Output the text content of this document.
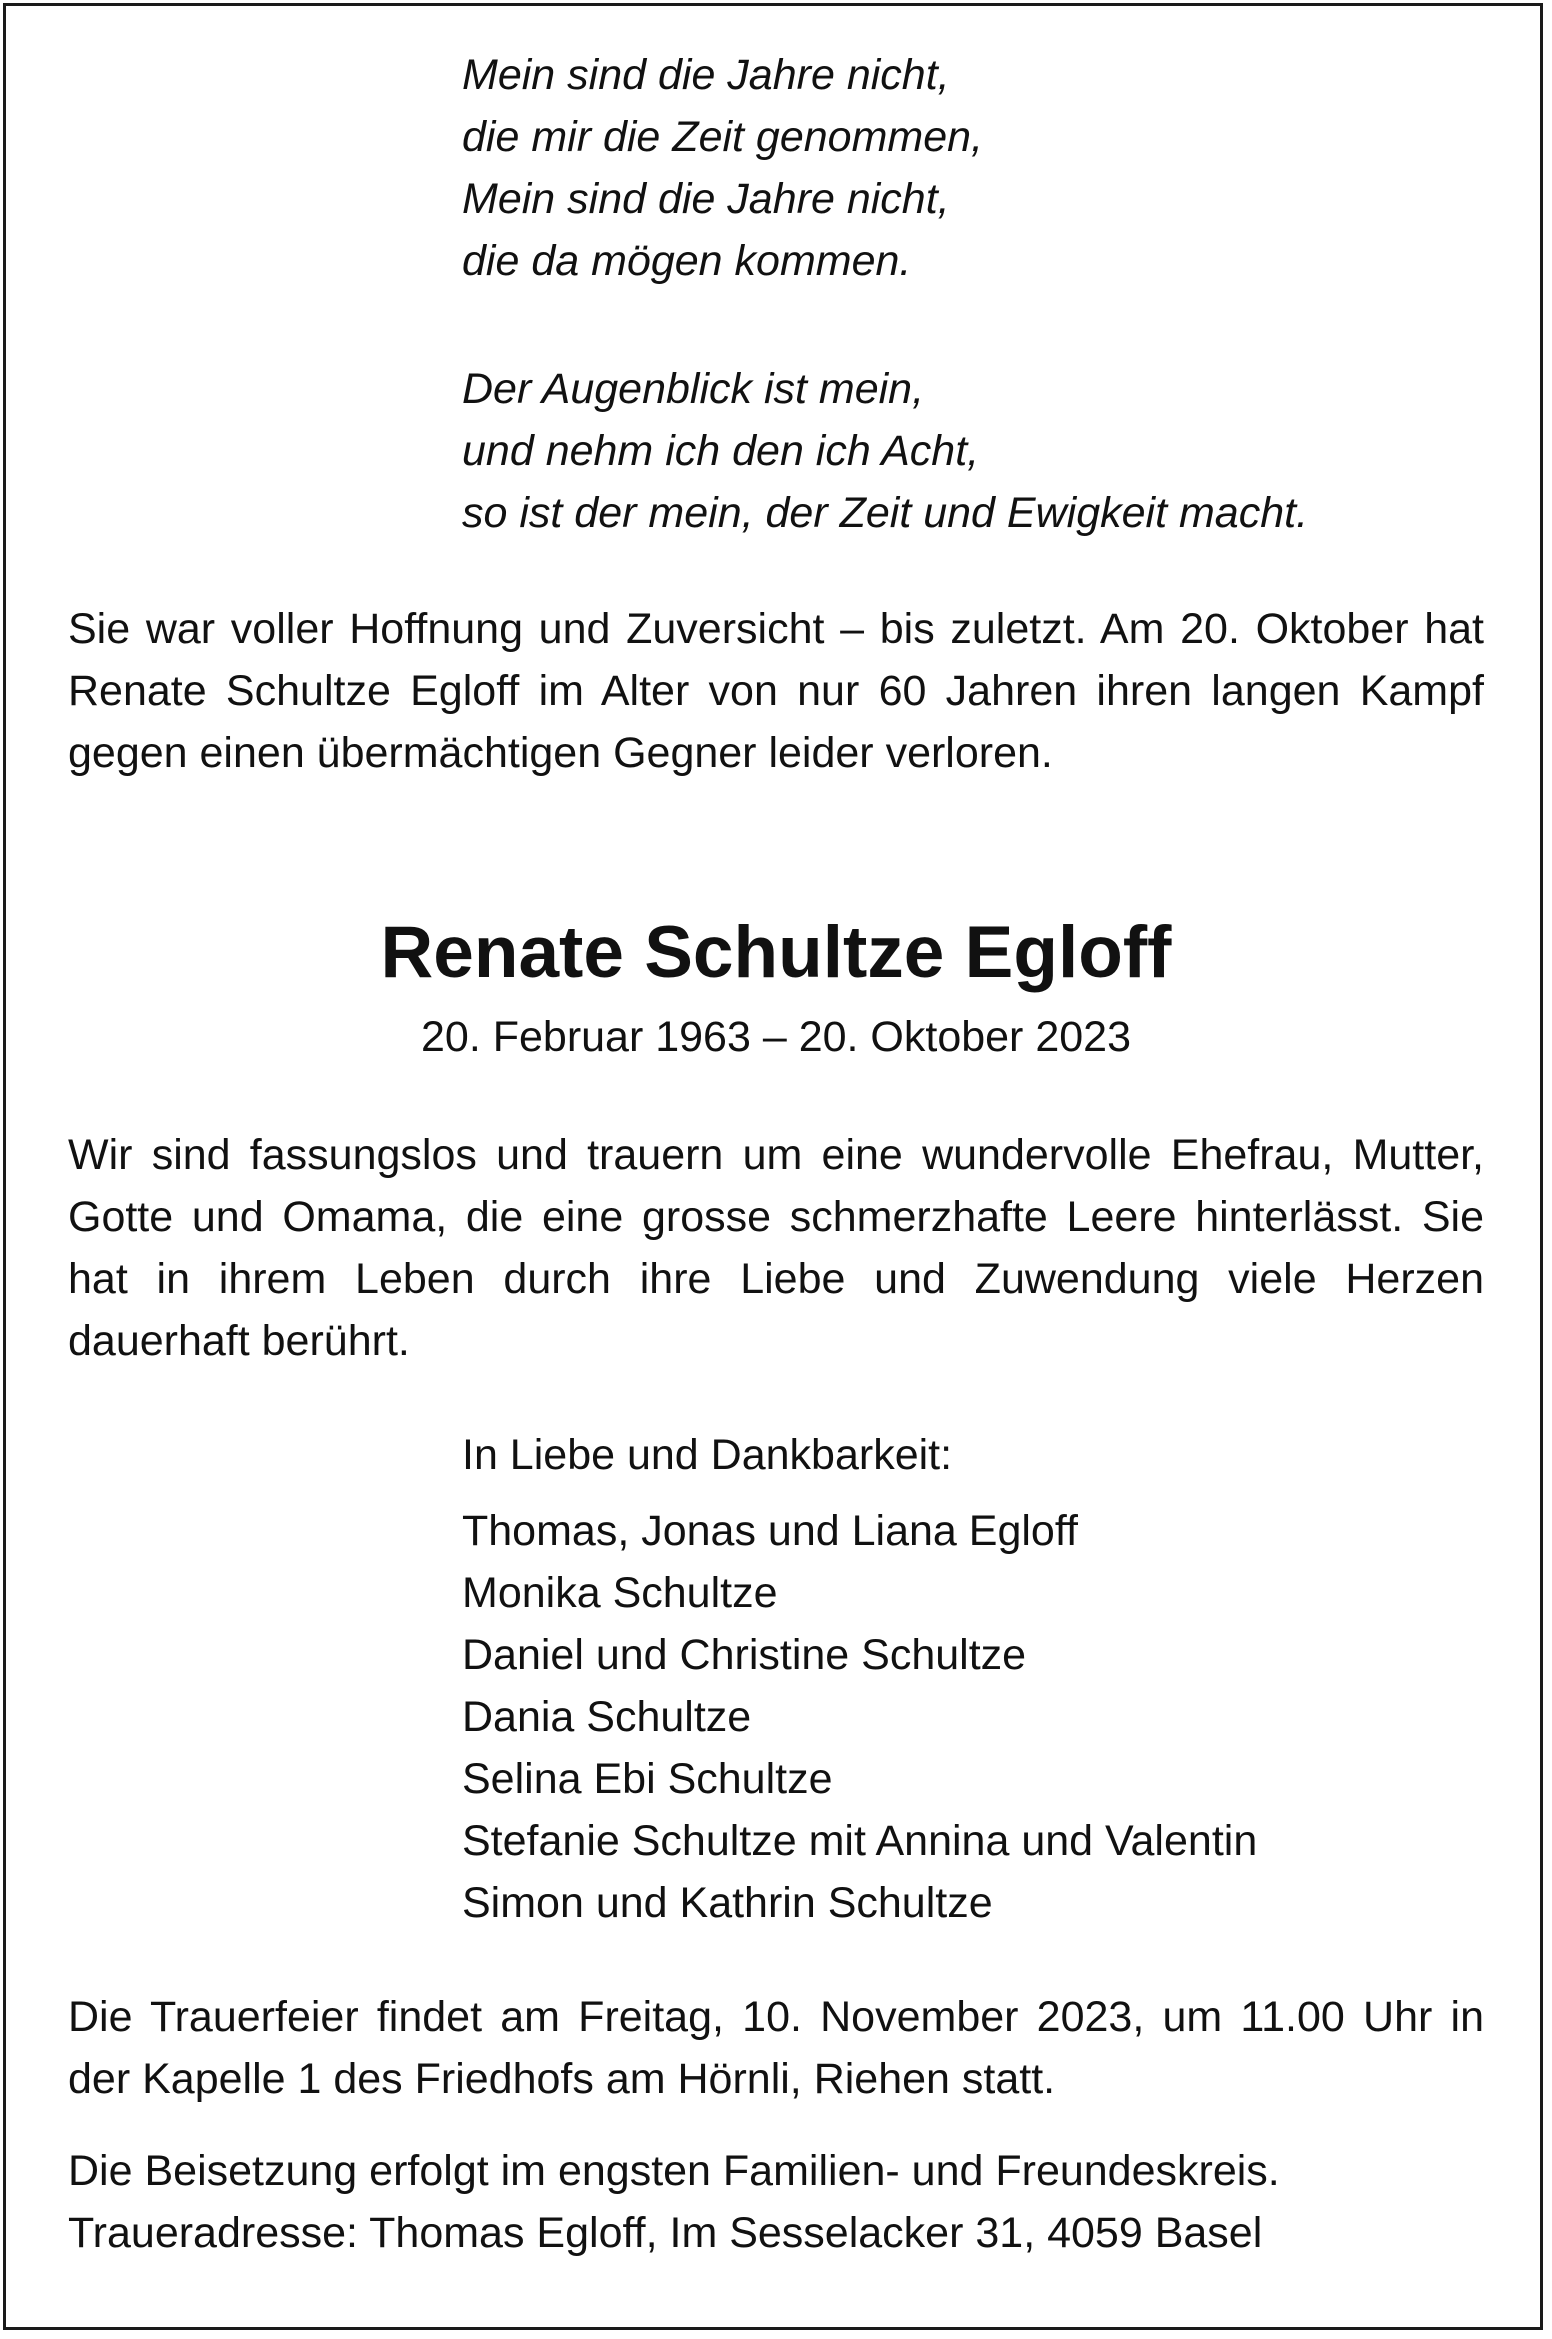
Mein sind die Jahre nicht,
die mir die Zeit genommen,
Mein sind die Jahre nicht,
die da mögen kommen.
Der Augenblick ist mein,
und nehm ich den ich Acht,
so ist der mein, der Zeit und Ewigkeit macht.

Sie war voller Hoffnung und Zuversicht – bis zuletzt. Am 20. Oktober hat Renate Schultze Egloff im Alter von nur 60 Jahren ihren langen Kampf gegen einen übermächtigen Gegner leider verloren.

Renate Schultze Egloff

20. Februar 1963 – 20. Oktober 2023

Wir sind fassungslos und trauern um eine wundervolle Ehefrau, Mutter, Gotte und Omama, die eine grosse schmerzhafte Leere hinterlässt. Sie hat in ihrem Leben durch ihre Liebe und Zuwendung viele Herzen dauerhaft berührt.

In Liebe und Dankbarkeit:

Thomas, Jonas und Liana Egloff
Monika Schultze
Daniel und Christine Schultze
Dania Schultze
Selina Ebi Schultze
Stefanie Schultze mit Annina und Valentin
Simon und Kathrin Schultze

Die Trauerfeier findet am Freitag, 10. November 2023, um 11.00 Uhr in der Kapelle 1 des Friedhofs am Hörnli, Riehen statt.

Die Beisetzung erfolgt im engsten Familien- und Freundeskreis.

Traueradresse: Thomas Egloff, Im Sesselacker 31, 4059 Basel
